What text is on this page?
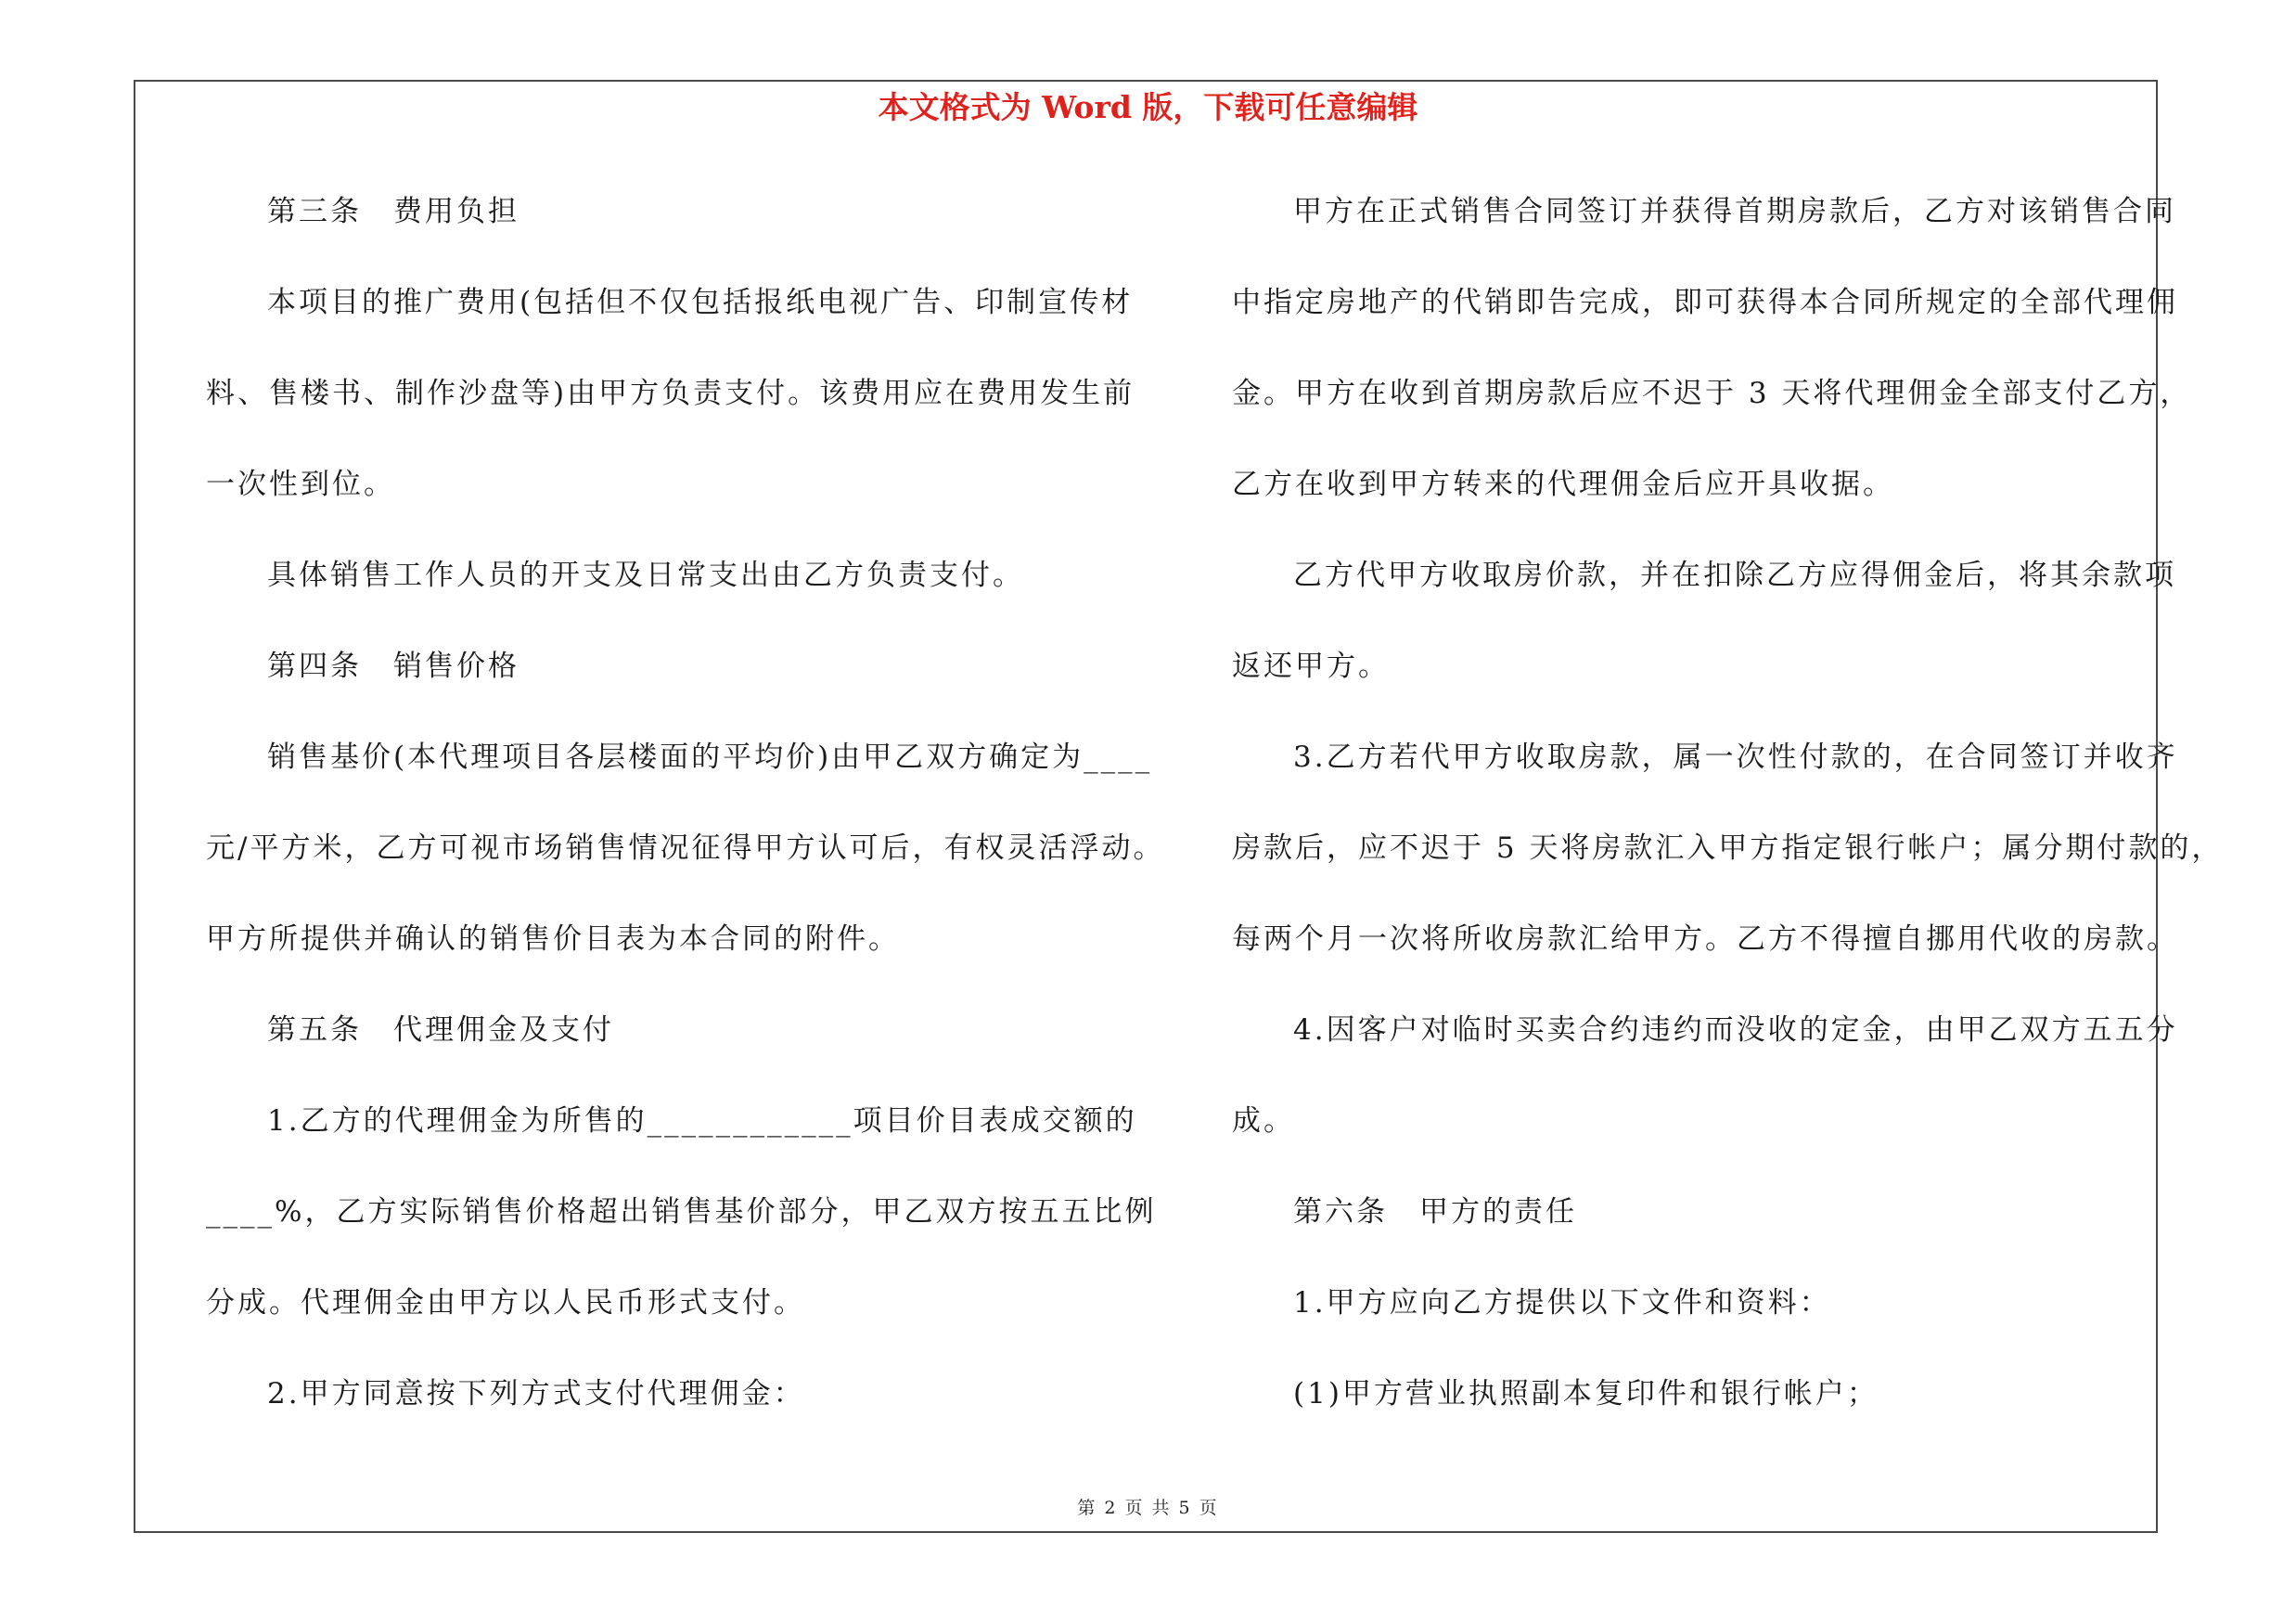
本文格式为 Word 版，下载可任意编辑
第三条　费用负担
本项目的推广费用(包括但不仅包括报纸电视广告、印制宣传材
料、售楼书、制作沙盘等)由甲方负责支付。该费用应在费用发生前
一次性到位。
具体销售工作人员的开支及日常支出由乙方负责支付。
第四条　销售价格
销售基价(本代理项目各层楼面的平均价)由甲乙双方确定为____
元/平方米，乙方可视市场销售情况征得甲方认可后，有权灵活浮动。
甲方所提供并确认的销售价目表为本合同的附件。
第五条　代理佣金及支付
1.乙方的代理佣金为所售的____________项目价目表成交额的
____%，乙方实际销售价格超出销售基价部分，甲乙双方按五五比例
分成。代理佣金由甲方以人民币形式支付。
2.甲方同意按下列方式支付代理佣金：
甲方在正式销售合同签订并获得首期房款后，乙方对该销售合同
中指定房地产的代销即告完成，即可获得本合同所规定的全部代理佣
金。甲方在收到首期房款后应不迟于 3 天将代理佣金全部支付乙方，
乙方在收到甲方转来的代理佣金后应开具收据。
乙方代甲方收取房价款，并在扣除乙方应得佣金后，将其余款项
返还甲方。
3.乙方若代甲方收取房款，属一次性付款的，在合同签订并收齐
房款后，应不迟于 5 天将房款汇入甲方指定银行帐户；属分期付款的，
每两个月一次将所收房款汇给甲方。乙方不得擅自挪用代收的房款。
4.因客户对临时买卖合约违约而没收的定金，由甲乙双方五五分
成。
第六条　甲方的责任
1.甲方应向乙方提供以下文件和资料：
(1)甲方营业执照副本复印件和银行帐户；
第 2 页 共 5 页
